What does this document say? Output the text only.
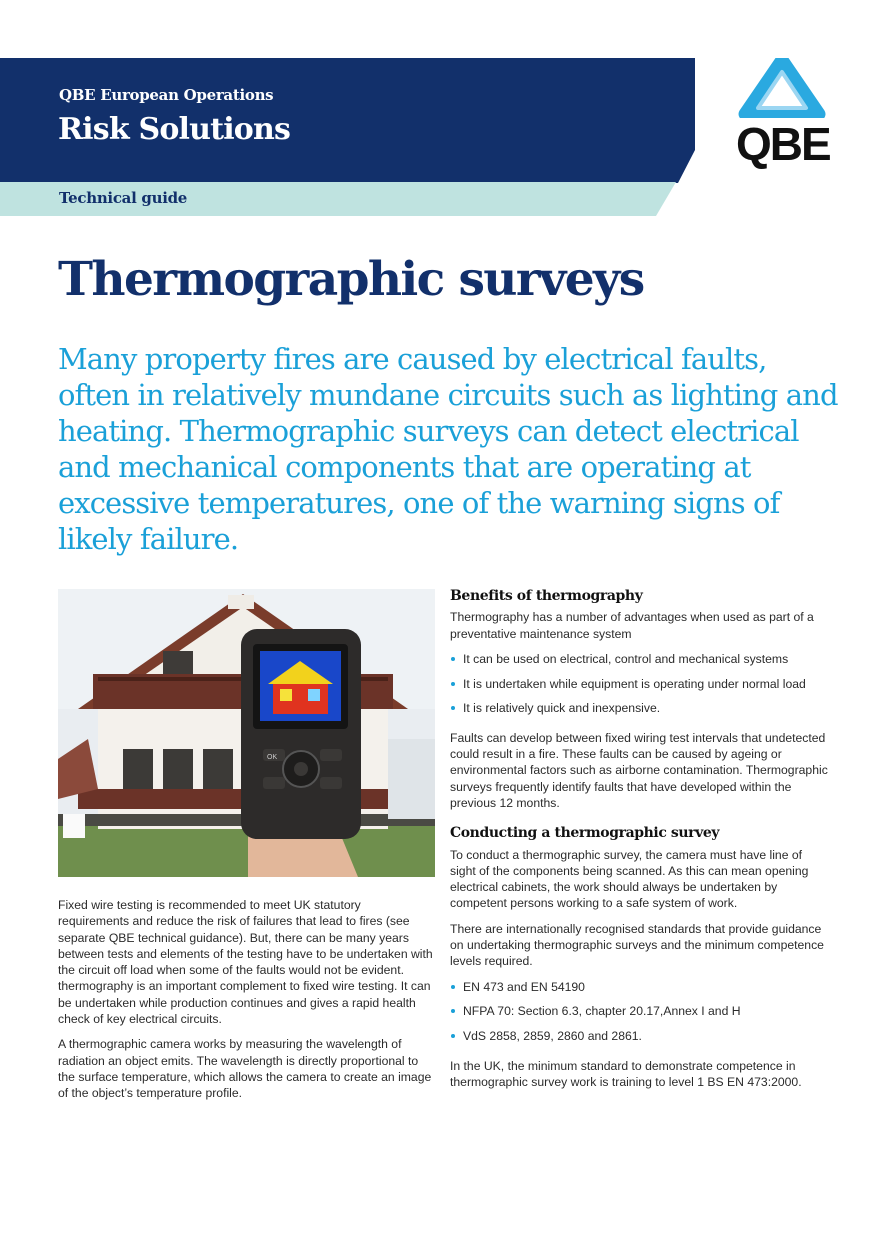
QBE European Operations
Risk Solutions
Technical guide
QBE
Thermographic surveys

Many property fires are caused by electrical faults, often in relatively mundane circuits such as lighting and heating. Thermographic surveys can detect electrical and mechanical components that are operating at excessive temperatures, one of the warning signs of likely failure.

OK

Fixed wire testing is recommended to meet UK statutory requirements and reduce the risk of failures that lead to fires (see separate QBE technical guidance). But, there can be many years between tests and elements of the testing have to be undertaken with the circuit off load when some of the faults would not be evident. thermography is an important complement to fixed wire testing. It can be undertaken while production continues and gives a rapid health check of key electrical circuits.

A thermographic camera works by measuring the wavelength of radiation an object emits. The wavelength is directly proportional to the surface temperature, which allows the camera to create an image of the object’s temperature profile.

Benefits of thermography

Thermography has a number of advantages when used as part of a preventative maintenance system

It can be used on electrical, control and mechanical systems
It is undertaken while equipment is operating under normal load
It is relatively quick and inexpensive.

Faults can develop between fixed wiring test intervals that undetected could result in a fire. These faults can be caused by ageing or environmental factors such as airborne contamination. Thermographic surveys frequently identify faults that have developed within the previous 12 months.

Conducting a thermographic survey

To conduct a thermographic survey, the camera must have line of sight of the components being scanned. As this can mean opening electrical cabinets, the work should always be undertaken by competent persons working to a safe system of work.

There are internationally recognised standards that provide guidance on undertaking thermographic surveys and the minimum competence levels required.

EN 473 and EN 54190
NFPA 70: Section 6.3, chapter 20.17,Annex I and H
VdS 2858, 2859, 2860 and 2861.

In the UK, the minimum standard to demonstrate competence in thermographic survey work is training to level 1 BS EN 473:2000.
